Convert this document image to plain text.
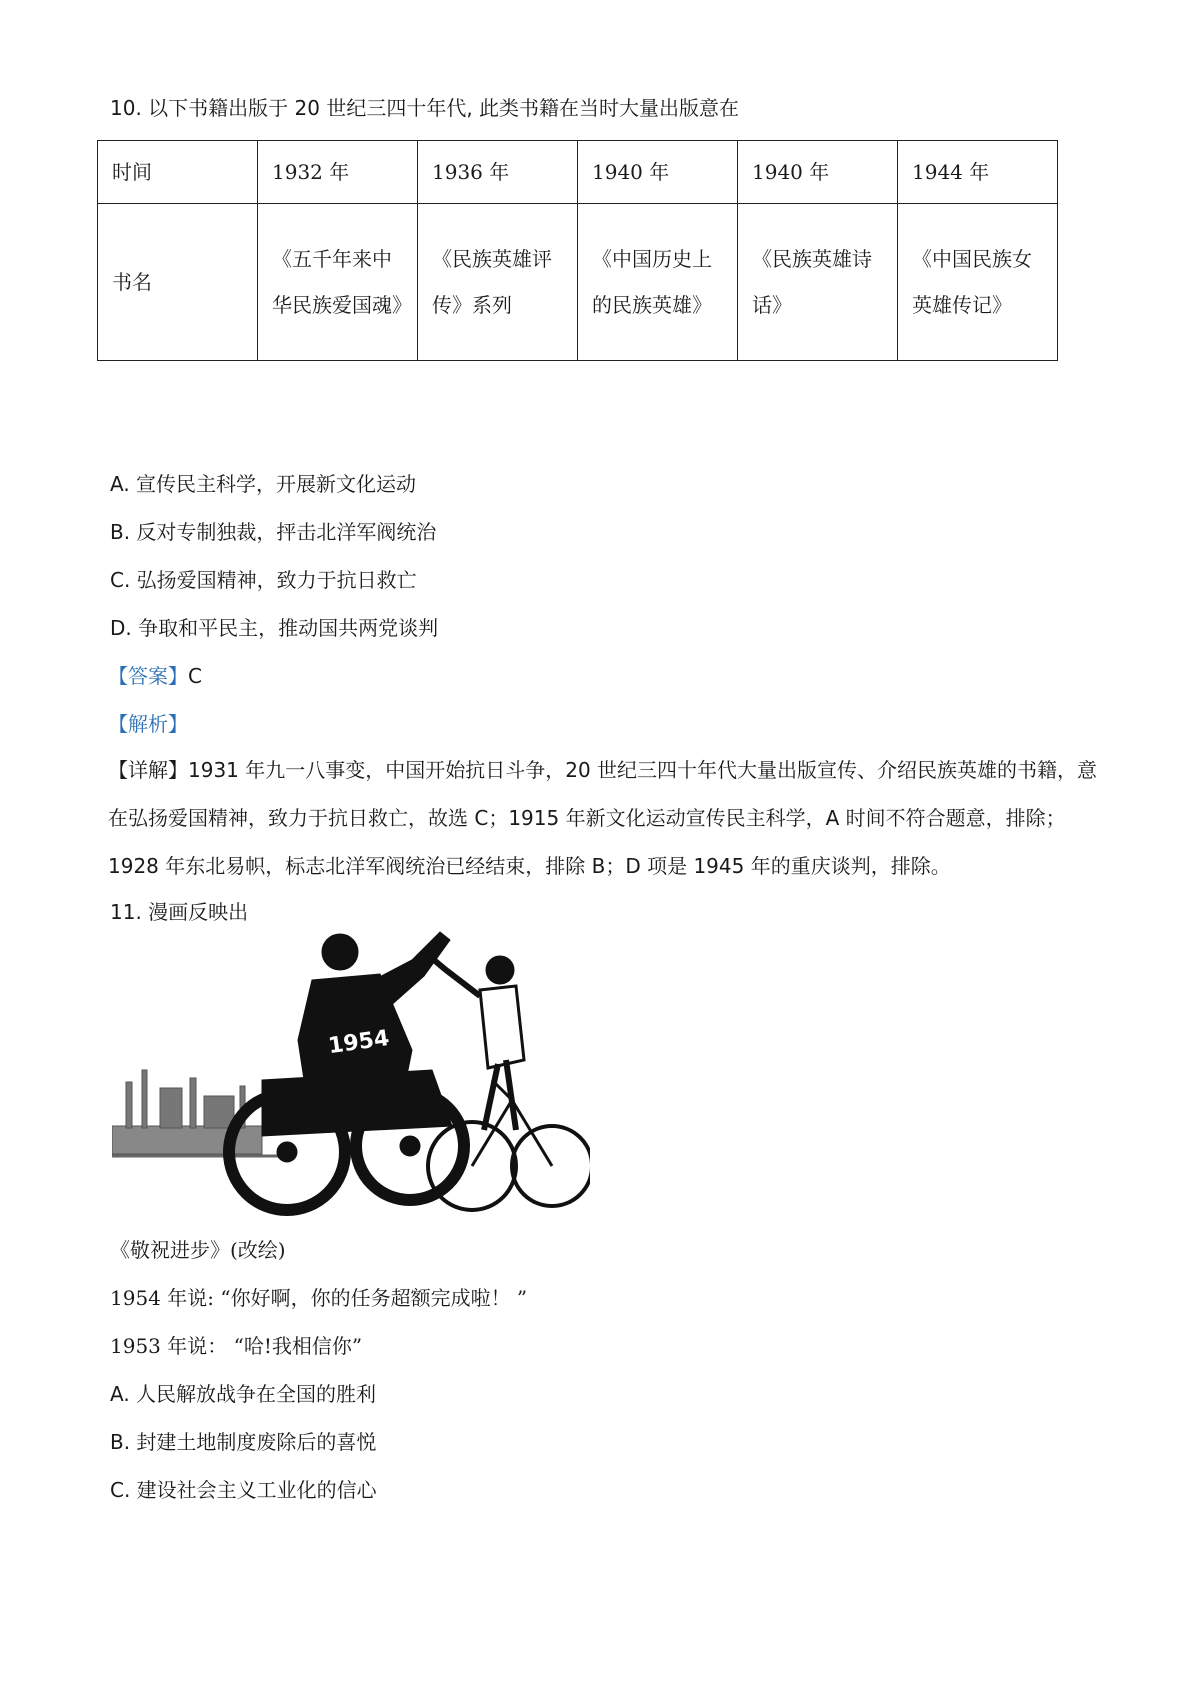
10. 以下书籍出版于 20 世纪三四十年代, 此类书籍在当时大量出版意在
时间	1932 年	1936 年	1940 年	1940 年	1944 年
书名	《五千年来中华民族爱国魂》	《民族英雄评传》系列	《中国历史上的民族英雄》	《民族英雄诗话》	《中国民族女英雄传记》
A. 宣传民主科学，开展新文化运动
B. 反对专制独裁，抨击北洋军阀统治
C. 弘扬爱国精神，致力于抗日救亡
D. 争取和平民主，推动国共两党谈判
【答案】C
【解析】
【详解】1931 年九一八事变，中国开始抗日斗争，20 世纪三四十年代大量出版宣传、介绍民族英雄的书籍，意在弘扬爱国精神，致力于抗日救亡，故选 C；1915 年新文化运动宣传民主科学，A 时间不符合题意，排除；1928 年东北易帜，标志北洋军阀统治已经结束，排除 B；D 项是 1945 年的重庆谈判，排除。
11. 漫画反映出
1954
《敬祝进步》(改绘)
1954 年说: “你好啊，你的任务超额完成啦！ ”
1953 年说： “哈!我相信你”
A. 人民解放战争在全国的胜利
B. 封建土地制度废除后的喜悦
C. 建设社会主义工业化的信心
